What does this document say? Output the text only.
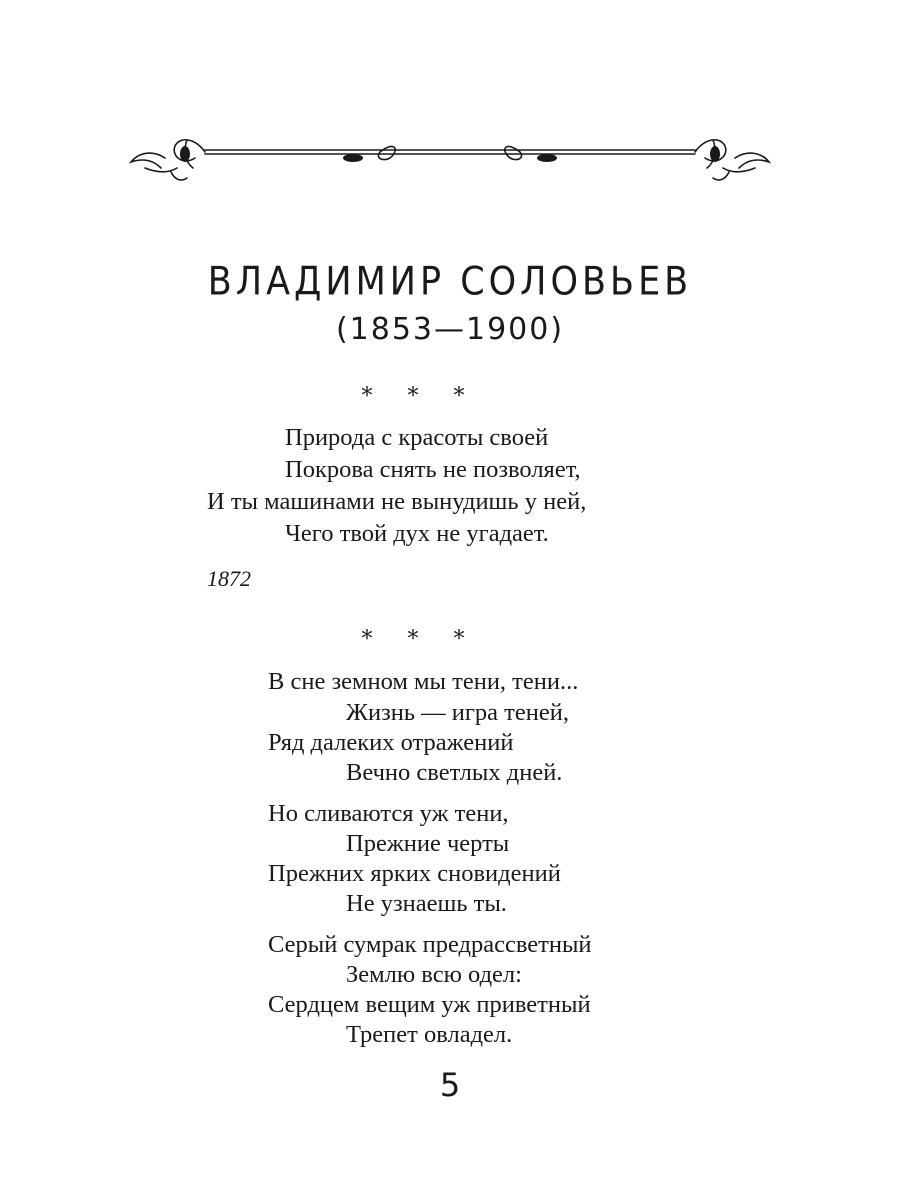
ВЛАДИМИР СОЛОВЬЕВ
(1853—1900)
* * *
Природа с красоты своей
Покрова снять не позволяет,
И ты машинами не вынудишь у ней,
Чего твой дух не угадает.
1872
* * *
В сне земном мы тени, тени...
Жизнь — игра теней,
Ряд далеких отражений
Вечно светлых дней.
Но сливаются уж тени,
Прежние черты
Прежних ярких сновидений
Не узнаешь ты.
Серый сумрак предрассветный
Землю всю одел:
Сердцем вещим уж приветный
Трепет овладел.
5
